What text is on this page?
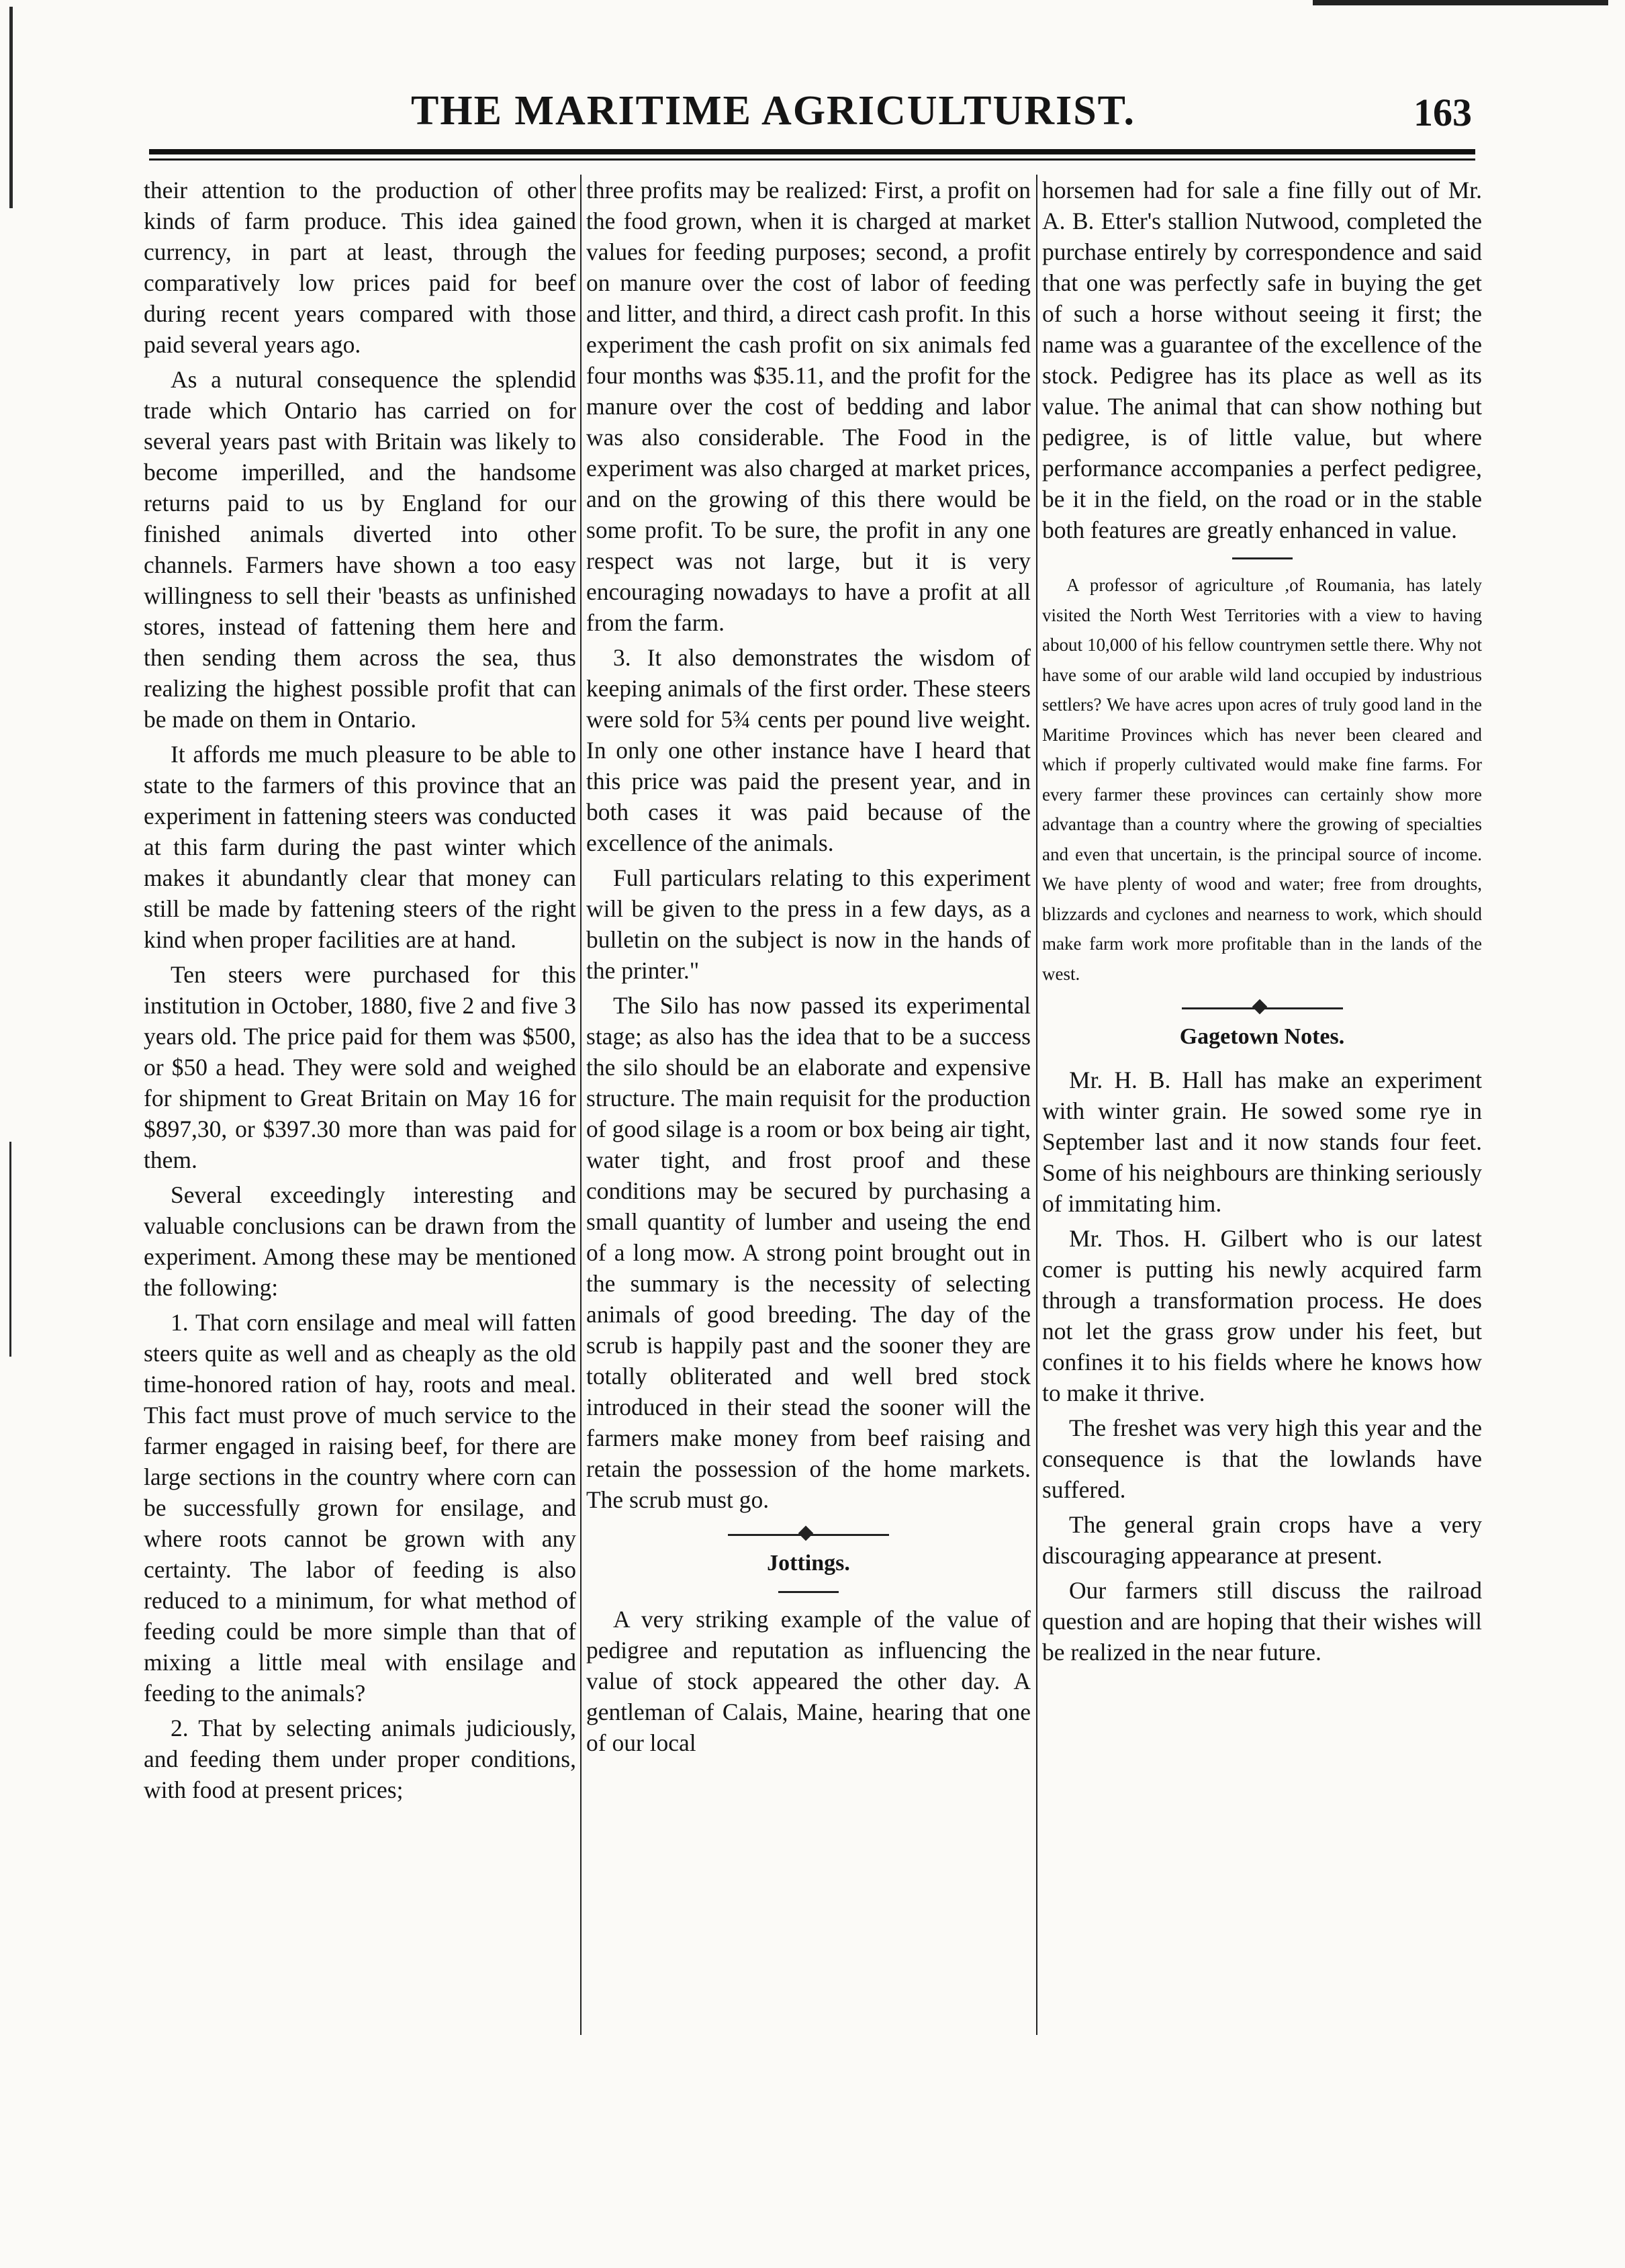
THE MARITIME AGRICULTURIST.	163

their attention to the production of other kinds of farm produce. This idea gained currency, in part at least, through the comparatively low prices paid for beef during recent years compared with those paid several years ago.

As a nutural consequence the splendid trade which Ontario has carried on for several years past with Britain was likely to become imperilled, and the handsome returns paid to us by England for our finished animals diverted into other channels. Farmers have shown a too easy willingness to sell their 'beasts as unfinished stores, instead of fattening them here and then sending them across the sea, thus realizing the highest possible profit that can be made on them in Ontario.

It affords me much pleasure to be able to state to the farmers of this province that an experiment in fattening steers was conducted at this farm during the past winter which makes it abundantly clear that money can still be made by fattening steers of the right kind when proper facilities are at hand.

Ten steers were purchased for this institution in October, 1880, five 2 and five 3 years old. The price paid for them was $500, or $50 a head. They were sold and weighed for shipment to Great Britain on May 16 for $897,30, or $397.30 more than was paid for them.

Several exceedingly interesting and valuable conclusions can be drawn from the experiment. Among these may be mentioned the following:

1. That corn ensilage and meal will fatten steers quite as well and as cheaply as the old time-honored ration of hay, roots and meal. This fact must prove of much service to the farmer engaged in raising beef, for there are large sections in the country where corn can be successfully grown for ensilage, and where roots cannot be grown with any certainty. The labor of feeding is also reduced to a minimum, for what method of feeding could be more simple than that of mixing a little meal with ensilage and feeding to the animals?

2. That by selecting animals judiciously, and feeding them under proper conditions, with food at present prices;

three profits may be realized: First, a profit on the food grown, when it is charged at market values for feeding purposes; second, a profit on manure over the cost of labor of feeding and litter, and third, a direct cash profit. In this experiment the cash profit on six animals fed four months was $35.11, and the profit for the manure over the cost of bedding and labor was also considerable. The Food in the experiment was also charged at market prices, and on the growing of this there would be some profit. To be sure, the profit in any one respect was not large, but it is very encouraging nowadays to have a profit at all from the farm.

3. It also demonstrates the wisdom of keeping animals of the first order. These steers were sold for 5¾ cents per pound live weight. In only one other instance have I heard that this price was paid the present year, and in both cases it was paid because of the excellence of the animals.

Full particulars relating to this experiment will be given to the press in a few days, as a bulletin on the subject is now in the hands of the printer."

The Silo has now passed its experimental stage; as also has the idea that to be a success the silo should be an elaborate and expensive structure. The main requisit for the production of good silage is a room or box being air tight, water tight, and frost proof and these conditions may be secured by purchasing a small quantity of lumber and useing the end of a long mow. A strong point brought out in the summary is the necessity of selecting animals of good breeding. The day of the scrub is happily past and the sooner they are totally obliterated and well bred stock introduced in their stead the sooner will the farmers make money from beef raising and retain the possession of the home markets. The scrub must go.

Jottings.

A very striking example of the value of pedigree and reputation as influencing the value of stock appeared the other day. A gentleman of Calais, Maine, hearing that one of our local

horsemen had for sale a fine filly out of Mr. A. B. Etter's stallion Nutwood, completed the purchase entirely by correspondence and said that one was perfectly safe in buying the get of such a horse without seeing it first; the name was a guarantee of the excellence of the stock. Pedigree has its place as well as its value. The animal that can show nothing but pedigree, is of little value, but where performance accompanies a perfect pedigree, be it in the field, on the road or in the stable both features are greatly enhanced in value.

A professor of agriculture ,of Roumania, has lately visited the North West Territories with a view to having about 10,000 of his fellow countrymen settle there. Why not have some of our arable wild land occupied by industrious settlers? We have acres upon acres of truly good land in the Maritime Provinces which has never been cleared and which if properly cultivated would make fine farms. For every farmer these provinces can certainly show more advantage than a country where the growing of specialties and even that uncertain, is the principal source of income. We have plenty of wood and water; free from droughts, blizzards and cyclones and nearness to work, which should make farm work more profitable than in the lands of the west.

Gagetown Notes.

Mr. H. B. Hall has make an experiment with winter grain. He sowed some rye in September last and it now stands four feet. Some of his neighbours are thinking seriously of immitating him.

Mr. Thos. H. Gilbert who is our latest comer is putting his newly acquired farm through a transformation process. He does not let the grass grow under his feet, but confines it to his fields where he knows how to make it thrive.

The freshet was very high this year and the consequence is that the lowlands have suffered.

The general grain crops have a very discouraging appearance at present.

Our farmers still discuss the railroad question and are hoping that their wishes will be realized in the near future.
